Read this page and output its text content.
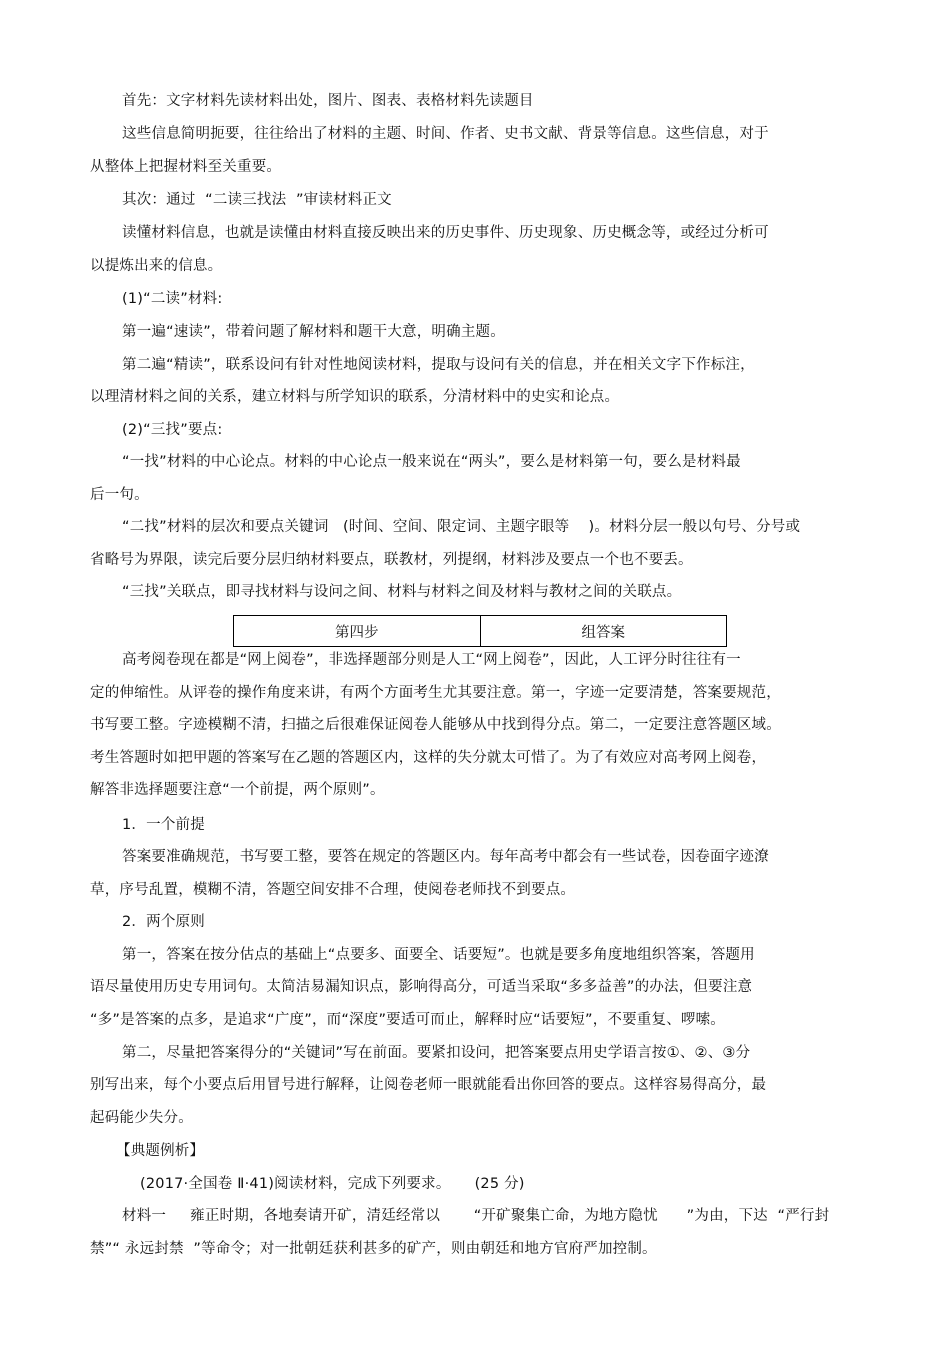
首先：文字材料先读材料出处，图片、图表、表格材料先读题目
这些信息简明扼要，往往给出了材料的主题、时间、作者、史书文献、背景等信息。这些信息，对于
从整体上把握材料至关重要。
其次：通过  “二读三找法  ”审读材料正文
读懂材料信息，也就是读懂由材料直接反映出来的历史事件、历史现象、历史概念等，或经过分析可
以提炼出来的信息。
(1)“二读”材料:
第一遍“速读”，带着问题了解材料和题干大意，明确主题。
第二遍“精读”，联系设问有针对性地阅读材料，提取与设问有关的信息，并在相关文字下作标注，
以理清材料之间的关系，建立材料与所学知识的联系，分清材料中的史实和论点。
(2)“三找”要点:
“一找”材料的中心论点。材料的中心论点一般来说在“两头”，要么是材料第一句，要么是材料最
后一句。
“二找”材料的层次和要点关键词   (时间、空间、限定词、主题字眼等    )。材料分层一般以句号、分号或
省略号为界限，读完后要分层归纳材料要点，联教材，列提纲，材料涉及要点一个也不要丢。
“三找”关联点，即寻找材料与设问之间、材料与材料之间及材料与教材之间的关联点。
第四步	组答案
高考阅卷现在都是“网上阅卷”，非选择题部分则是人工“网上阅卷”，因此，人工评分时往往有一
定的伸缩性。从评卷的操作角度来讲，有两个方面考生尤其要注意。第一，字迹一定要清楚，答案要规范，
书写要工整。字迹模糊不清，扫描之后很难保证阅卷人能够从中找到得分点。第二，一定要注意答题区域。
考生答题时如把甲题的答案写在乙题的答题区内，这样的失分就太可惜了。为了有效应对高考网上阅卷，
解答非选择题要注意“一个前提，两个原则”。
1．一个前提
答案要准确规范，书写要工整，要答在规定的答题区内。每年高考中都会有一些试卷，因卷面字迹潦
草，序号乱置，模糊不清，答题空间安排不合理，使阅卷老师找不到要点。
2．两个原则
第一，答案在按分估点的基础上“点要多、面要全、话要短”。也就是要多角度地组织答案，答题用
语尽量使用历史专用词句。太简洁易漏知识点，影响得高分，可适当采取“多多益善”的办法，但要注意
“多”是答案的点多，是追求“广度”，而“深度”要适可而止，解释时应“话要短”，不要重复、啰嗦。
第二，尽量把答案得分的“关键词”写在前面。要紧扣设问，把答案要点用史学语言按①、②、③分
别写出来，每个小要点后用冒号进行解释，让阅卷老师一眼就能看出你回答的要点。这样容易得高分，最
起码能少失分。
【典题例析】
(2017·全国卷 Ⅱ·41)阅读材料，完成下列要求。     (25 分)
材料一     雍正时期，各地奏请开矿，清廷经常以       “开矿聚集亡命，为地方隐忧      ”为由，下达  “严行封
禁”“ 永远封禁  ”等命令；对一批朝廷获利甚多的矿产，则由朝廷和地方官府严加控制。
